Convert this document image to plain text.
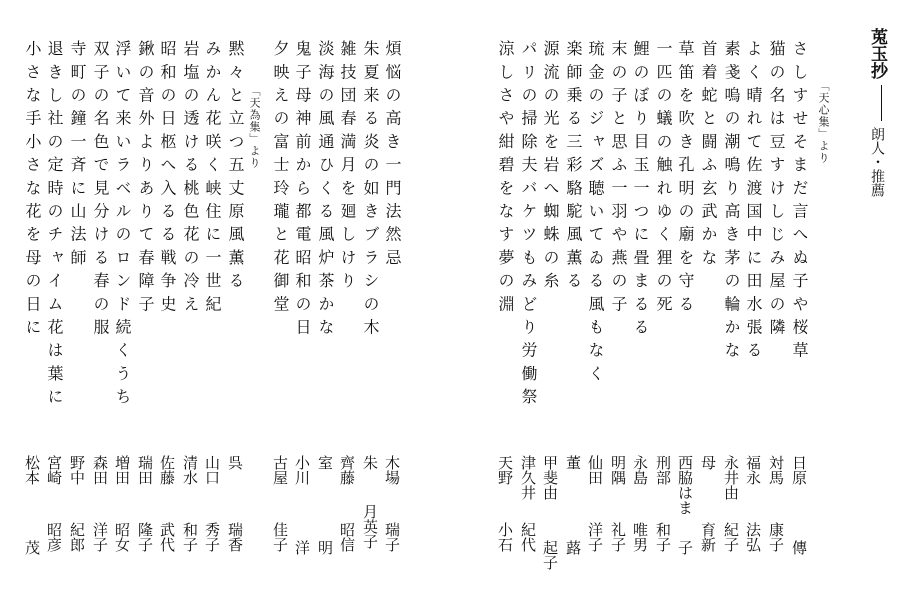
莵玉抄朗人・推薦
「天心集」より
「天為集」より	さしすせそまだ言へぬ子や桜草
猫の名は豆すけしじみ屋の隣
よく晴れて佐渡国中に田水張る
素戔嗚の潮鳴り高き茅の輪かな
首着蛇と闘ふ玄武かな
草笛を吹き孔明の廟を守る
一匹の蟻の触れゆく狸の死
鯉のぼり目玉一つに畳まるる
末の子と思ふ一羽や燕の子
琉金のジャズ聴いてゐる風もなく
楽師乗る三彩駱駝風薫る
源流の光を岩へ蜘蛛の糸
パリの掃除夫バケツもみどり労働祭
涼しさや紺碧をなす夢の淵
日原
傳
対馬
康子
福永
法弘
永井由
紀子
母
育新
西脇はま
子
刑部
和子
永島
唯男
明隅
礼子
仙田
洋子
董
蕗
甲斐由
起子
津久井
紀代
天野
小石
煩悩の高き一門法然忌
朱夏来る炎の如きブラシの木
雑技団春満月を廻しけり
淡海の風通ひくる風炉茶かな
鬼子母神前から都電昭和の日
夕映えの富士玲瓏と花御堂
黙々と立つ五丈原風薫る
みかん花咲く峡住に一世紀
岩塩の透ける桃色花の冷え
昭和の日柩へ入るる戦争史
鍬の音外よりありて春障子
浮いて来いラベルのロンド続くうち
双子の名色で見分ける春の服
寺町の鐘一斉に山法師
退きし社の定時のチャイム花は葉に
小さな手小さな花を母の日に
木場
瑞子
朱
月英子
齊藤
昭信
室
明
小川
洋
古屋
佳子
呉
瑞香
山口
秀子
清水
和子
佐藤
武代
瑞田
隆子
増田
昭女
森田
洋子
野中
紀郎
宮崎
昭彦
松本
茂
